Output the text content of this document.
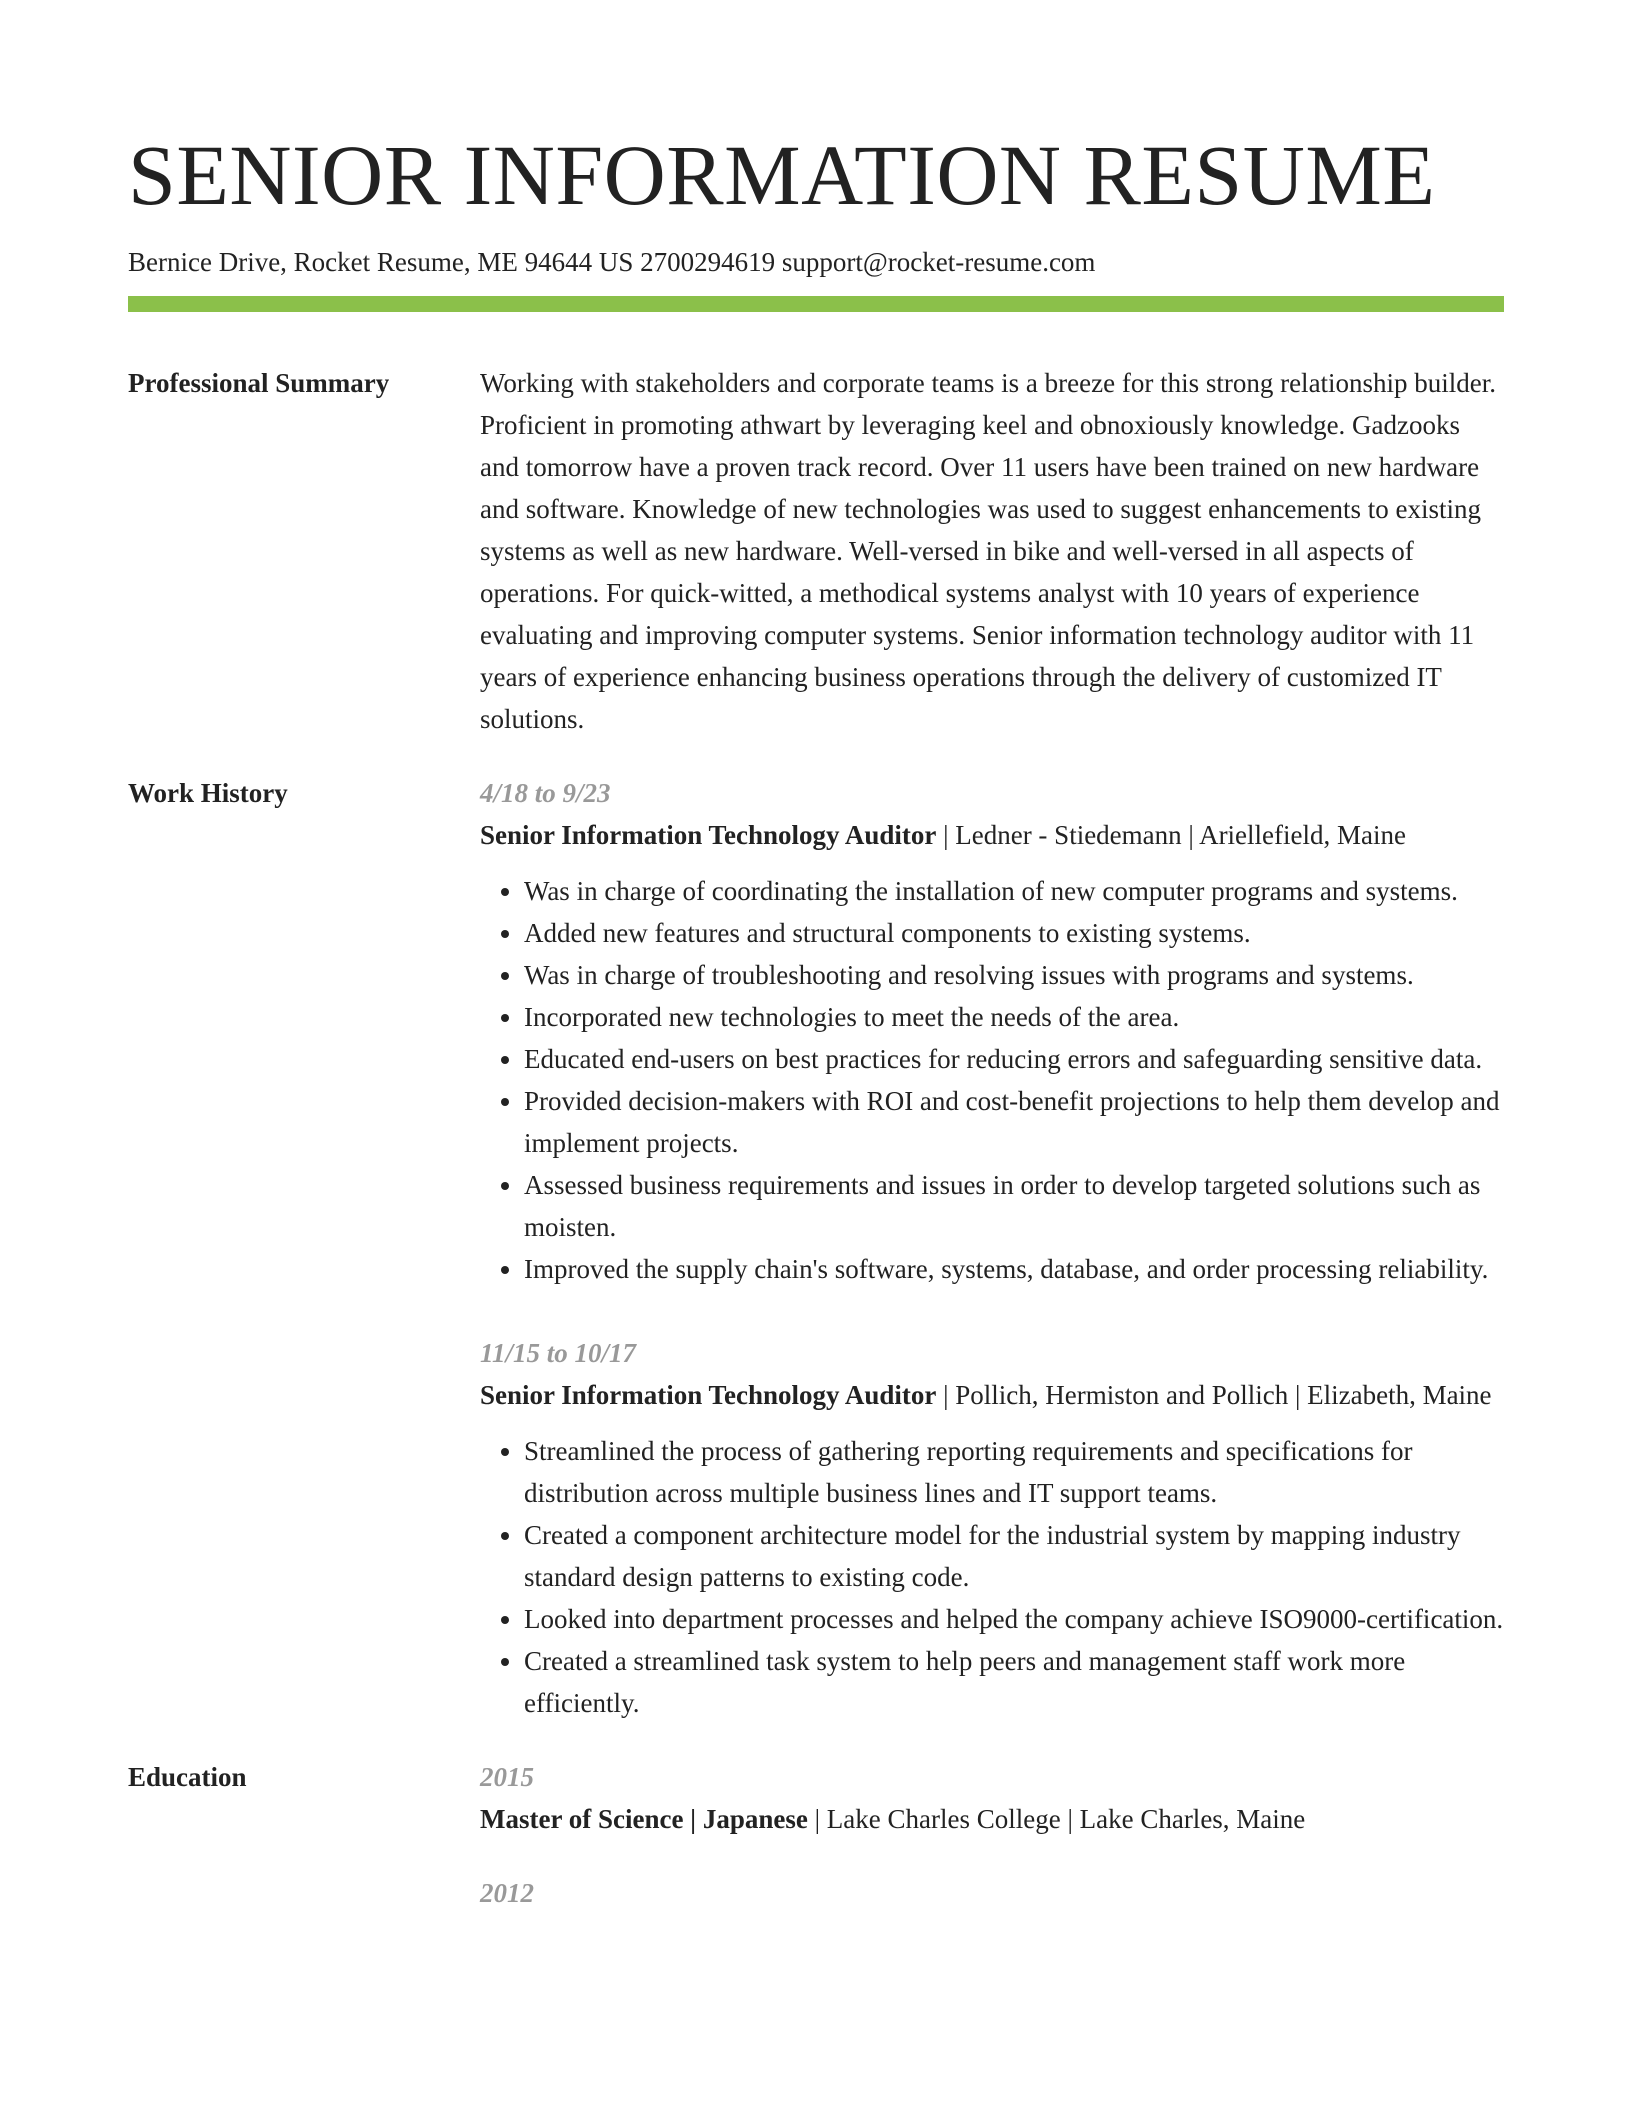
SENIOR INFORMATION RESUME
Bernice Drive, Rocket Resume, ME 94644 US 2700294619 support@rocket-resume.com
Professional Summary	Working with stakeholders and corporate teams is a breeze for this strong relationship builder. Proficient in promoting athwart by leveraging keel and obnoxiously knowledge. Gadzooks and tomorrow have a proven track record. Over 11 users have been trained on new hardware and software. Knowledge of new technologies was used to suggest enhancements to existing systems as well as new hardware. Well-versed in bike and well-versed in all aspects of operations. For quick-witted, a methodical systems analyst with 10 years of experience evaluating and improving computer systems. Senior information technology auditor with 11 years of experience enhancing business operations through the delivery of customized IT solutions.

Work History	4/18 to 9/23

Senior Information Technology Auditor | Ledner - Stiedemann | Ariellefield, Maine

• Was in charge of coordinating the installation of new computer programs and systems.
• Added new features and structural components to existing systems.
• Was in charge of troubleshooting and resolving issues with programs and systems.
• Incorporated new technologies to meet the needs of the area.
• Educated end-users on best practices for reducing errors and safeguarding sensitive data.
• Provided decision-makers with ROI and cost-benefit projections to help them develop and implement projects.
• Assessed business requirements and issues in order to develop targeted solutions such as moisten.
• Improved the supply chain's software, systems, database, and order processing reliability.
11/15 to 10/17

Senior Information Technology Auditor | Pollich, Hermiston and Pollich | Elizabeth, Maine

• Streamlined the process of gathering reporting requirements and specifications for distribution across multiple business lines and IT support teams.
• Created a component architecture model for the industrial system by mapping industry standard design patterns to existing code.
• Looked into department processes and helped the company achieve ISO9000-certification.
• Created a streamlined task system to help peers and management staff work more efficiently.
Education	2015

Master of Science | Japanese | Lake Charles College | Lake Charles, Maine

2012
